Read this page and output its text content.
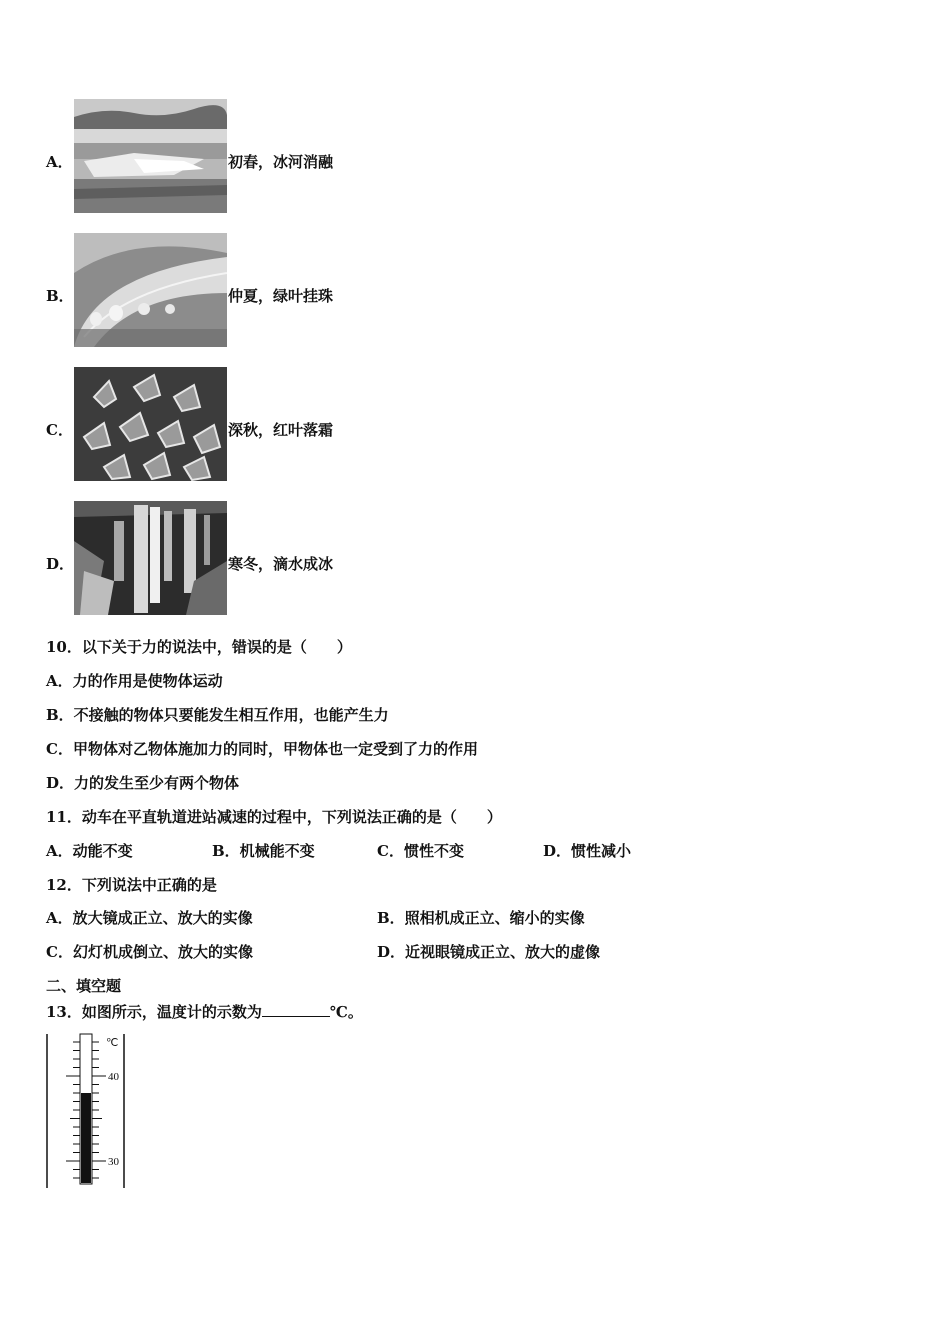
A．	初春，冰河消融
B．	仲夏，绿叶挂珠
C．	深秋，红叶落霜
D．	寒冬，滴水成冰
10．以下关于力的说法中，错误的是（　　）
A．力的作用是使物体运动
B．不接触的物体只要能发生相互作用，也能产生力
C．甲物体对乙物体施加力的同时，甲物体也一定受到了力的作用
D．力的发生至少有两个物体
11．动车在平直轨道进站减速的过程中，下列说法正确的是（　　）
A．动能不变	B．机械能不变	C．惯性不变	D．惯性减小
12．下列说法中正确的是
A．放大镜成正立、放大的实像	B．照相机成正立、缩小的实像
C．幻灯机成倒立、放大的实像	D．近视眼镜成正立、放大的虚像
二、填空题
13．如图所示，温度计的示数为	℃。
℃
40
30
